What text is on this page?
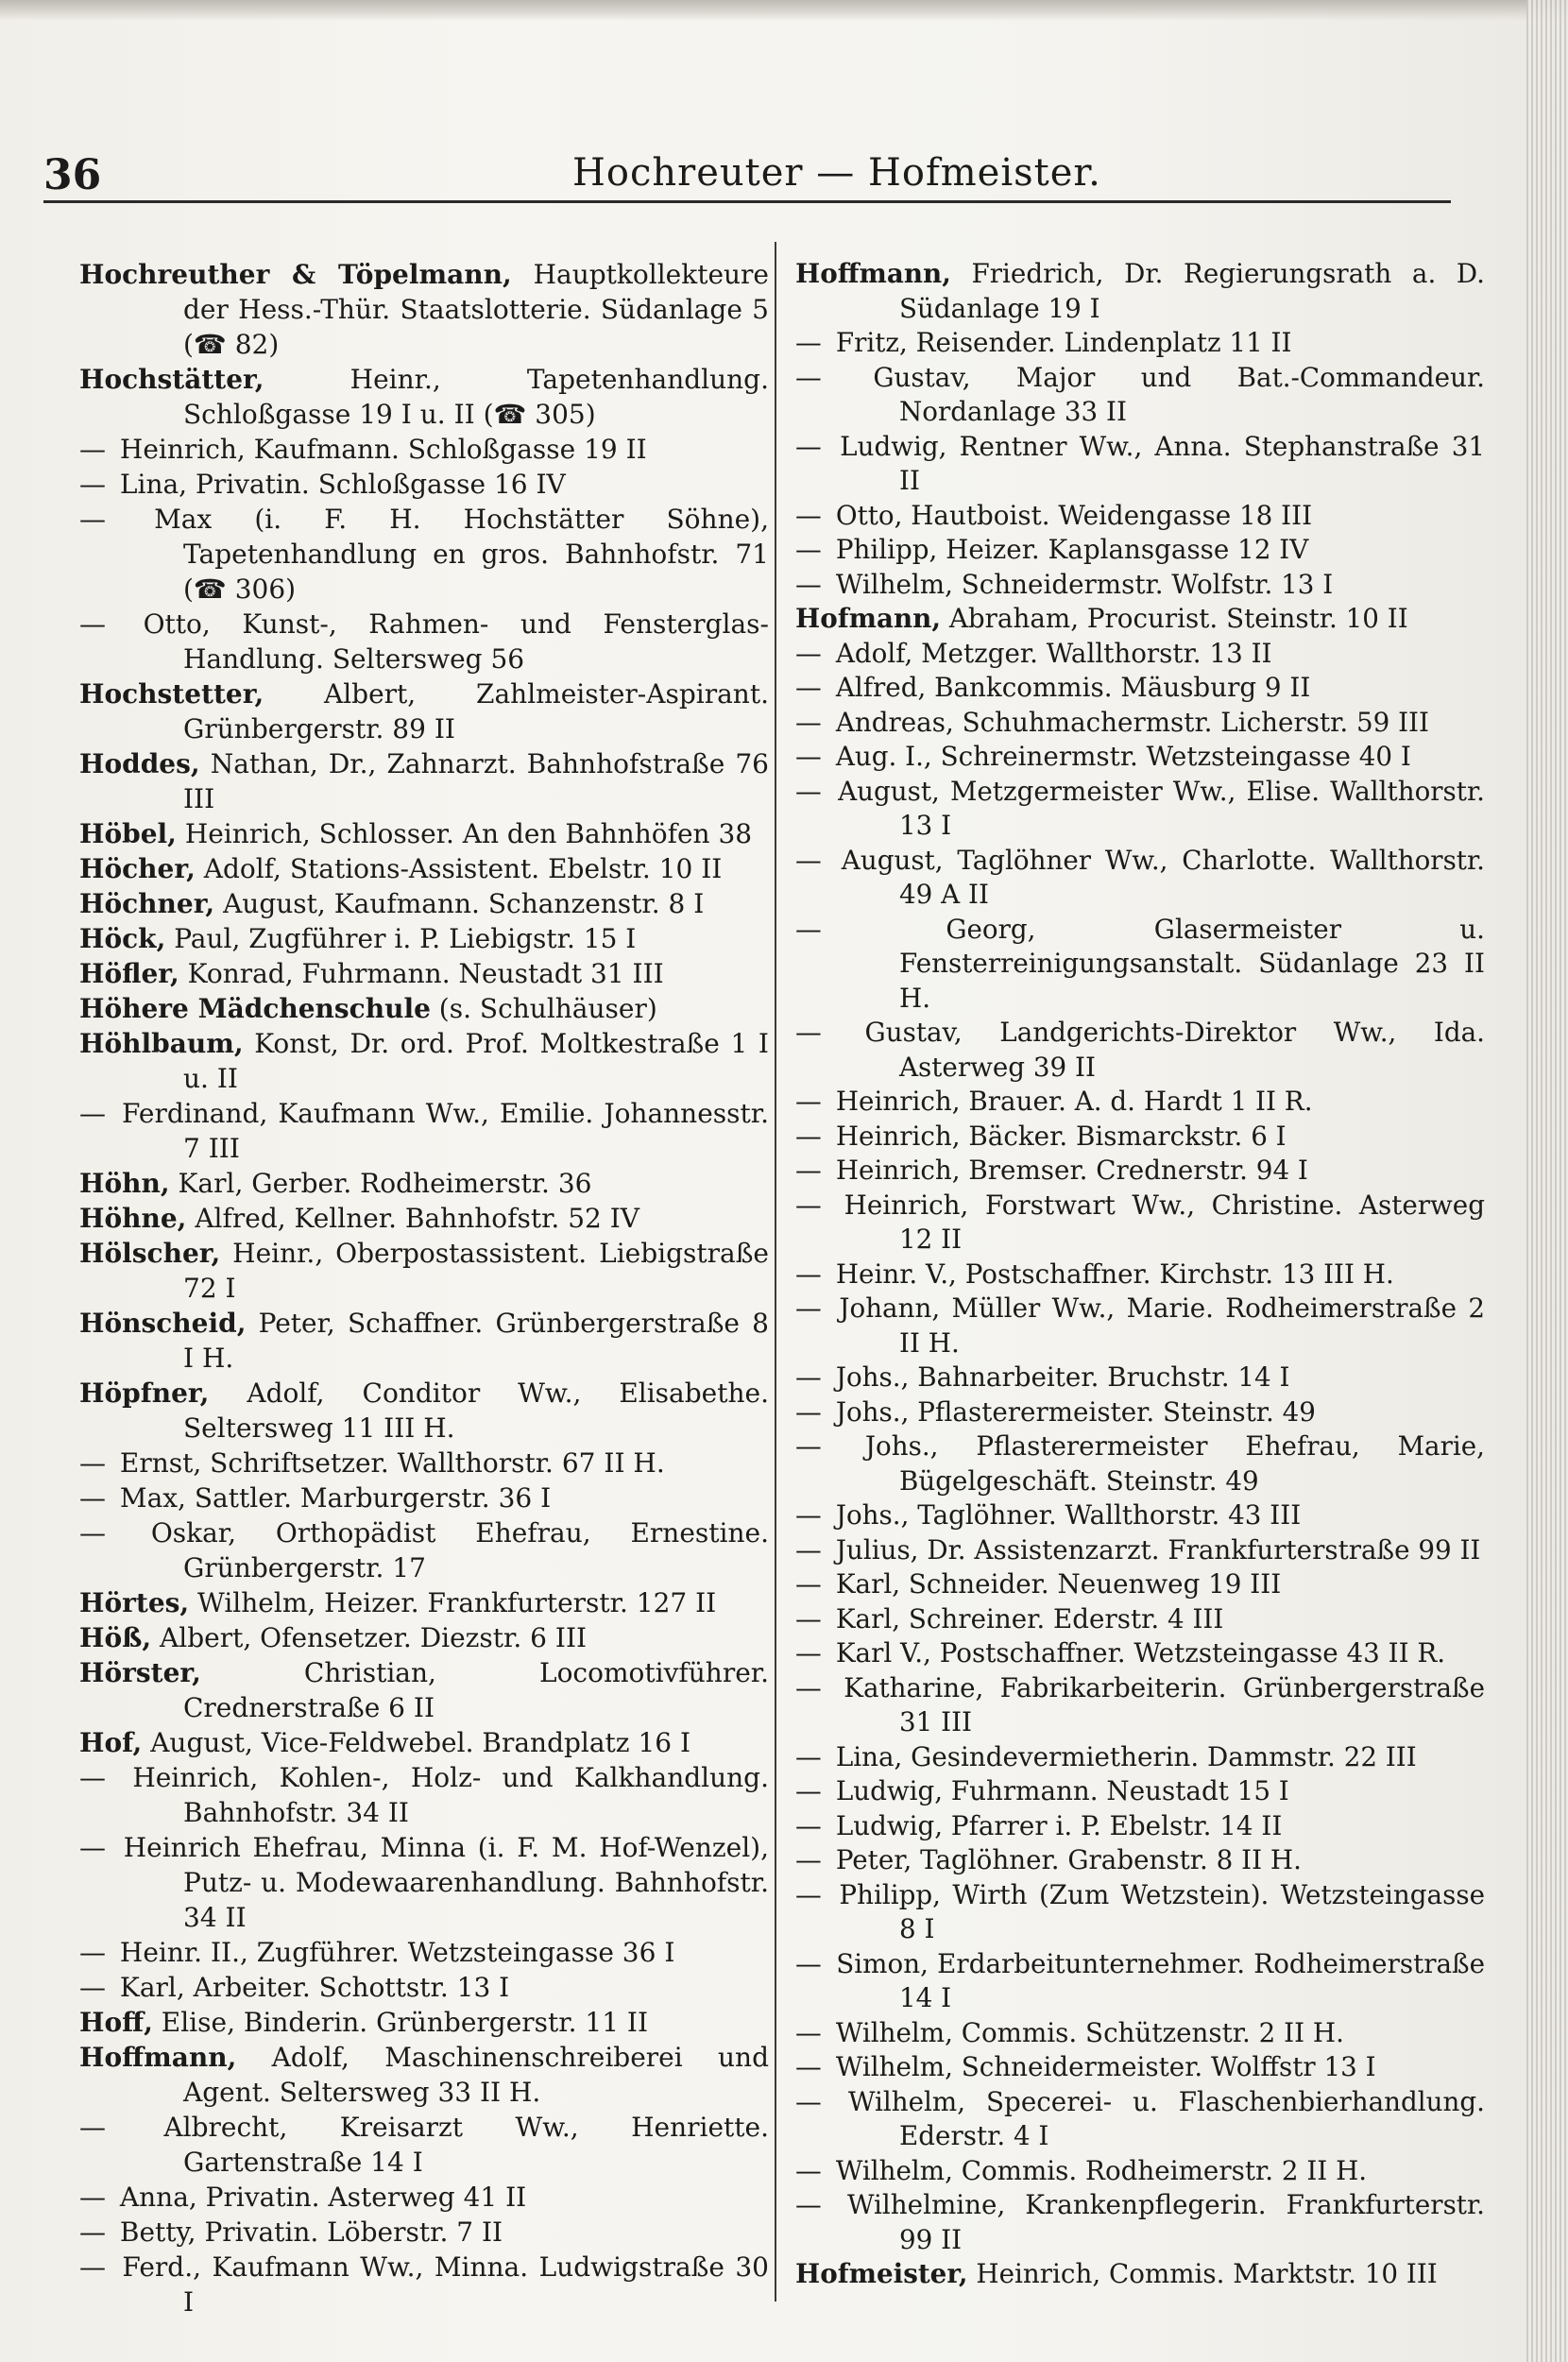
36	Hochreuter — Hofmeister.
Hochreuther & Töpelmann, Hauptkollekteure der Hess.-Thür. Staatslotterie. Südanlage 5 (☎ 82)
Hochstätter, Heinr., Tapetenhandlung. Schloßgasse 19 I u. II (☎ 305)
— Heinrich, Kaufmann. Schloßgasse 19 II
— Lina, Privatin. Schloßgasse 16 IV
— Max (i. F. H. Hochstätter Söhne), Tapetenhandlung en gros. Bahnhofstr. 71 (☎ 306)
— Otto, Kunst-, Rahmen- und Fensterglas-Handlung. Seltersweg 56
Hochstetter, Albert, Zahlmeister-Aspirant. Grünbergerstr. 89 II
Hoddes, Nathan, Dr., Zahnarzt. Bahnhofstraße 76 III
Höbel, Heinrich, Schlosser. An den Bahnhöfen 38
Höcher, Adolf, Stations-Assistent. Ebelstr. 10 II
Höchner, August, Kaufmann. Schanzenstr. 8 I
Höck, Paul, Zugführer i. P. Liebigstr. 15 I
Höfler, Konrad, Fuhrmann. Neustadt 31 III
Höhere Mädchenschule (s. Schulhäuser)
Höhlbaum, Konst, Dr. ord. Prof. Moltkestraße 1 I u. II
— Ferdinand, Kaufmann Ww., Emilie. Johannesstr. 7 III
Höhn, Karl, Gerber. Rodheimerstr. 36
Höhne, Alfred, Kellner. Bahnhofstr. 52 IV
Hölscher, Heinr., Oberpostassistent. Liebigstraße 72 I
Hönscheid, Peter, Schaffner. Grünbergerstraße 8 I H.
Höpfner, Adolf, Conditor Ww., Elisabethe. Seltersweg 11 III H.
— Ernst, Schriftsetzer. Wallthorstr. 67 II H.
— Max, Sattler. Marburgerstr. 36 I
— Oskar, Orthopädist Ehefrau, Ernestine. Grünbergerstr. 17
Hörtes, Wilhelm, Heizer. Frankfurterstr. 127 II
Höß, Albert, Ofensetzer. Diezstr. 6 III
Hörster, Christian, Locomotivführer. Crednerstraße 6 II
Hof, August, Vice-Feldwebel. Brandplatz 16 I
— Heinrich, Kohlen-, Holz- und Kalkhandlung. Bahnhofstr. 34 II
— Heinrich Ehefrau, Minna (i. F. M. Hof-Wenzel), Putz- u. Modewaarenhandlung. Bahnhofstr. 34 II
— Heinr. II., Zugführer. Wetzsteingasse 36 I
— Karl, Arbeiter. Schottstr. 13 I
Hoff, Elise, Binderin. Grünbergerstr. 11 II
Hoffmann, Adolf, Maschinenschreiberei und Agent. Seltersweg 33 II H.
— Albrecht, Kreisarzt Ww., Henriette. Gartenstraße 14 I
— Anna, Privatin. Asterweg 41 II
— Betty, Privatin. Löberstr. 7 II
— Ferd., Kaufmann Ww., Minna. Ludwigstraße 30 I
Hoffmann, Friedrich, Dr. Regierungsrath a. D. Südanlage 19 I
— Fritz, Reisender. Lindenplatz 11 II
— Gustav, Major und Bat.-Commandeur. Nordanlage 33 II
— Ludwig, Rentner Ww., Anna. Stephanstraße 31 II
— Otto, Hautboist. Weidengasse 18 III
— Philipp, Heizer. Kaplansgasse 12 IV
— Wilhelm, Schneidermstr. Wolfstr. 13 I
Hofmann, Abraham, Procurist. Steinstr. 10 II
— Adolf, Metzger. Wallthorstr. 13 II
— Alfred, Bankcommis. Mäusburg 9 II
— Andreas, Schuhmachermstr. Licherstr. 59 III
— Aug. I., Schreinermstr. Wetzsteingasse 40 I
— August, Metzgermeister Ww., Elise. Wallthorstr. 13 I
— August, Taglöhner Ww., Charlotte. Wallthorstr. 49 A II
— Georg, Glasermeister u. Fensterreinigungsanstalt. Südanlage 23 II H.
— Gustav, Landgerichts-Direktor Ww., Ida. Asterweg 39 II
— Heinrich, Brauer. A. d. Hardt 1 II R.
— Heinrich, Bäcker. Bismarckstr. 6 I
— Heinrich, Bremser. Crednerstr. 94 I
— Heinrich, Forstwart Ww., Christine. Asterweg 12 II
— Heinr. V., Postschaffner. Kirchstr. 13 III H.
— Johann, Müller Ww., Marie. Rodheimerstraße 2 II H.
— Johs., Bahnarbeiter. Bruchstr. 14 I
— Johs., Pflasterermeister. Steinstr. 49
— Johs., Pflasterermeister Ehefrau, Marie, Bügelgeschäft. Steinstr. 49
— Johs., Taglöhner. Wallthorstr. 43 III
— Julius, Dr. Assistenzarzt. Frankfurterstraße 99 II
— Karl, Schneider. Neuenweg 19 III
— Karl, Schreiner. Ederstr. 4 III
— Karl V., Postschaffner. Wetzsteingasse 43 II R.
— Katharine, Fabrikarbeiterin. Grünbergerstraße 31 III
— Lina, Gesindevermietherin. Dammstr. 22 III
— Ludwig, Fuhrmann. Neustadt 15 I
— Ludwig, Pfarrer i. P. Ebelstr. 14 II
— Peter, Taglöhner. Grabenstr. 8 II H.
— Philipp, Wirth (Zum Wetzstein). Wetzsteingasse 8 I
— Simon, Erdarbeitunternehmer. Rodheimerstraße 14 I
— Wilhelm, Commis. Schützenstr. 2 II H.
— Wilhelm, Schneidermeister. Wolffstr 13 I
— Wilhelm, Specerei- u. Flaschenbierhandlung. Ederstr. 4 I
— Wilhelm, Commis. Rodheimerstr. 2 II H.
— Wilhelmine, Krankenpflegerin. Frankfurterstr. 99 II
Hofmeister, Heinrich, Commis. Marktstr. 10 III
